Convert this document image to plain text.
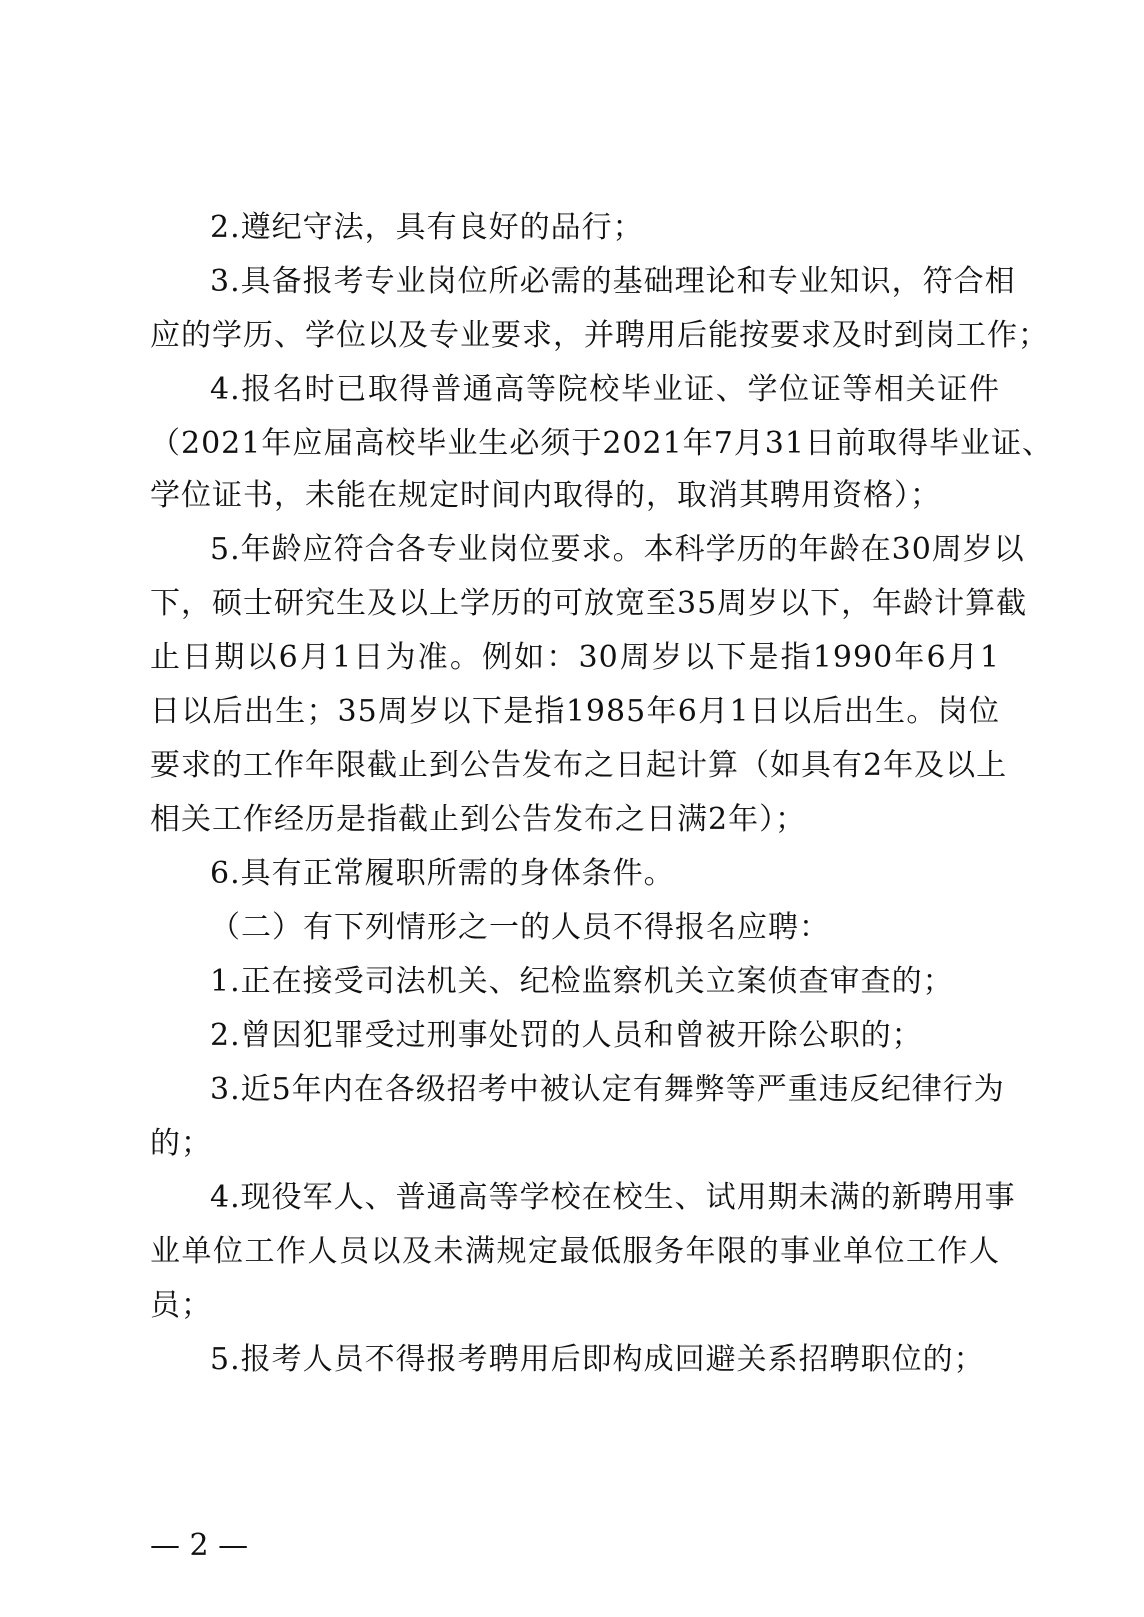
2.遵纪守法，具有良好的品行；
3.具备报考专业岗位所必需的基础理论和专业知识，符合相
应的学历、学位以及专业要求，并聘用后能按要求及时到岗工作；
4.报名时已取得普通高等院校毕业证、学位证等相关证件
（2021年应届高校毕业生必须于2021年7月31日前取得毕业证、
学位证书，未能在规定时间内取得的，取消其聘用资格）；
5.年龄应符合各专业岗位要求。本科学历的年龄在30周岁以
下，硕士研究生及以上学历的可放宽至35周岁以下，年龄计算截
止日期以6月1日为准。例如：30周岁以下是指1990年6月1
日以后出生；35周岁以下是指1985年6月1日以后出生。岗位
要求的工作年限截止到公告发布之日起计算（如具有2年及以上
相关工作经历是指截止到公告发布之日满2年）；
6.具有正常履职所需的身体条件。
（二）有下列情形之一的人员不得报名应聘：
1.正在接受司法机关、纪检监察机关立案侦查审查的；
2.曾因犯罪受过刑事处罚的人员和曾被开除公职的；
3.近5年内在各级招考中被认定有舞弊等严重违反纪律行为
的；
4.现役军人、普通高等学校在校生、试用期未满的新聘用事
业单位工作人员以及未满规定最低服务年限的事业单位工作人
员；
5.报考人员不得报考聘用后即构成回避关系招聘职位的；
— 2 —
